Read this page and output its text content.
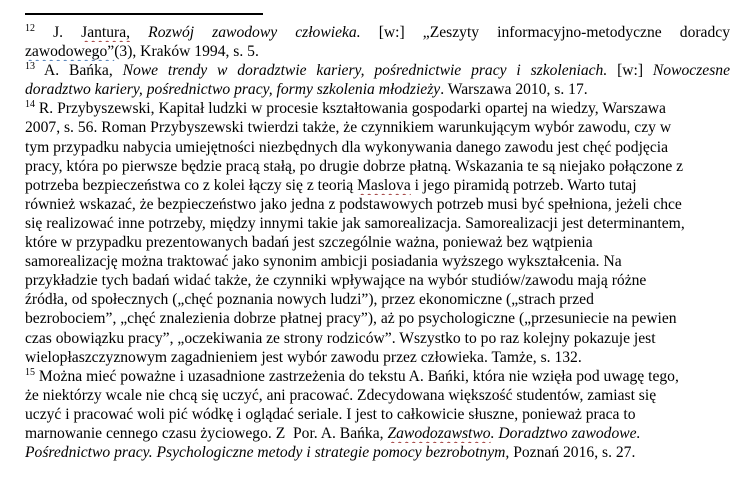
$^{12}$ J. Jantura, Rozwój zawodowy człowieka. [w:] „Zeszyty informacyjno-metodyczne doradcy
zawodowego”(3), Kraków 1994, s. 5.
$^{13}$ A. Bańka, Nowe trendy w doradztwie kariery, pośrednictwie pracy i szkoleniach. [w:] Nowoczesne
doradztwo kariery, pośrednictwo pracy, formy szkolenia młodzieży. Warszawa 2010, s. 17.
$^{14}$ R. Przybyszewski, Kapitał ludzki w procesie kształtowania gospodarki opartej na wiedzy, Warszawa
2007, s. 56. Roman Przybyszewski twierdzi także, że czynnikiem warunkującym wybór zawodu, czy w
tym przypadku nabycia umiejętności niezbędnych dla wykonywania danego zawodu jest chęć podjęcia
pracy, która po pierwsze będzie pracą stałą, po drugie dobrze płatną. Wskazania te są niejako połączone z
potrzeba bezpieczeństwa co z kolei łączy się z teorią Maslova i jego piramidą potrzeb. Warto tutaj
również wskazać, że bezpieczeństwo jako jedna z podstawowych potrzeb musi być spełniona, jeżeli chce
się realizować inne potrzeby, między innymi takie jak samorealizacja. Samorealizacji jest determinantem,
które w przypadku prezentowanych badań jest szczególnie ważna, ponieważ bez wątpienia
samorealizację można traktować jako synonim ambicji posiadania wyższego wykształcenia. Na
przykładzie tych badań widać także, że czynniki wpływające na wybór studiów/zawodu mają różne
źródła, od społecznych („chęć poznania nowych ludzi”), przez ekonomiczne („strach przed
bezrobociem”, „chęć znalezienia dobrze płatnej pracy”), aż po psychologiczne („przesuniecie na pewien
czas obowiązku pracy”, „oczekiwania ze strony rodziców”. Wszystko to po raz kolejny pokazuje jest
wielopłaszczyznowym zagadnieniem jest wybór zawodu przez człowieka. Tamże, s. 132.
$^{15}$ Można mieć poważne i uzasadnione zastrzeżenia do tekstu A. Bańki, która nie wzięła pod uwagę tego,
że niektórzy wcale nie chcą się uczyć, ani pracować. Zdecydowana większość studentów, zamiast się
uczyć i pracować woli pić wódkę i oglądać seriale. I jest to całkowicie słuszne, ponieważ praca to
marnowanie cennego czasu życiowego. Z  Por. A. Bańka, Zawodozawstwo. Doradztwo zawodowe.
Pośrednictwo pracy. Psychologiczne metody i strategie pomocy bezrobotnym, Poznań 2016, s. 27.
